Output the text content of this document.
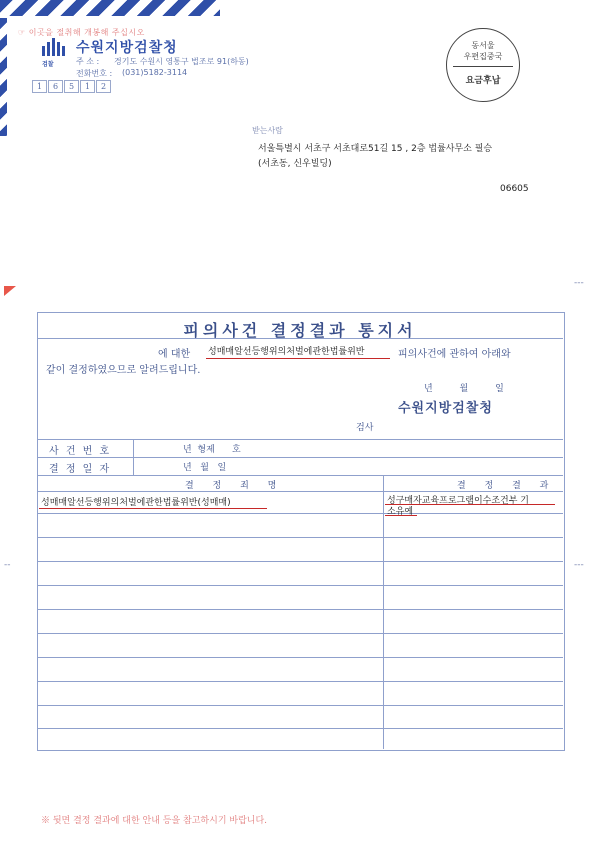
☞ 이곳을 절취해 개봉해 주십시오
검찰
수원지방검찰청
주 소 : 경기도 수원시 영통구 법조로 91(하동)
전화번호 : (031)5182-3114
1	6	5	1	2
동서울
우편집중국
요금후납
받는사람
서울특별시 서초구 서초대로51길 15 , 2층 법률사무소 필승
(서초동, 신우빌딩)
06605
---
--	---
피의사건 결정결과 통지서
에 대한 성매매알선등행위의처벌에관한법률위반	피의사건에 관하여 아래와
같이 결정하였으므로 알려드립니다.
년 월 일
수원지방검찰청
검사
사 건 번 호	년  형제      호
결 정 일 자	년   월   일
결 정 죄 명	결 정 결 과
성매매알선등행위의처벌에관한법률위반(성매매)	성구매자교육프로그램이수조건부 기
소유예
※ 뒷면 결정 결과에 대한 안내 등을 참고하시기 바랍니다.
